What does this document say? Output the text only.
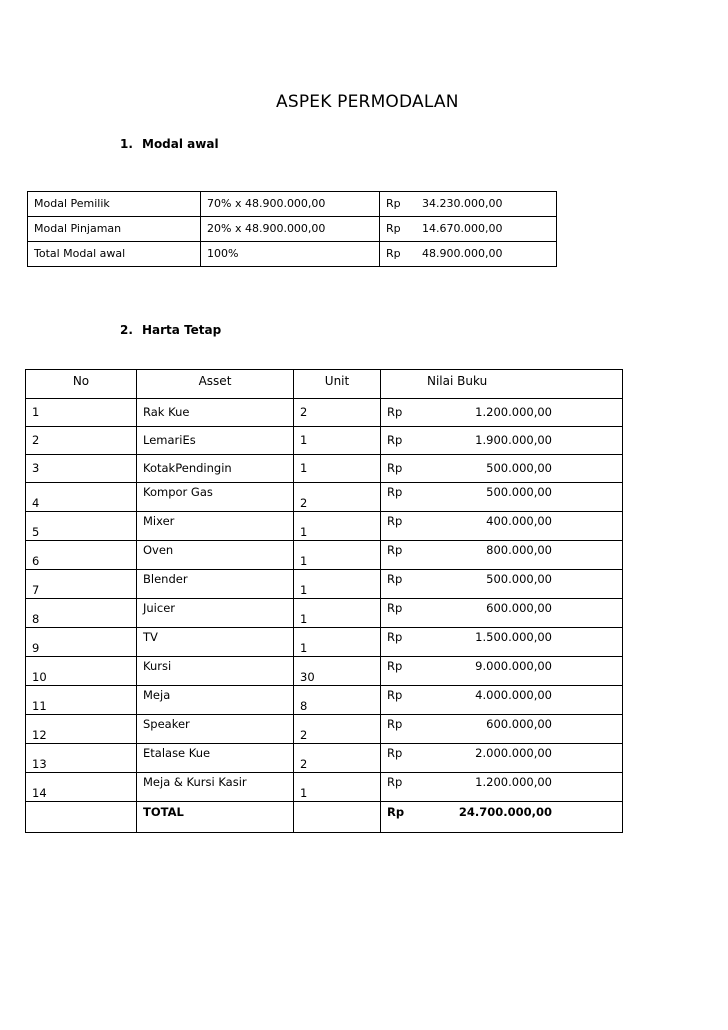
ASPEK PERMODALAN
1. Modal awal
Modal Pemilik	70% x 48.900.000,00	Rp	34.230.000,00
Modal Pinjaman	20% x 48.900.000,00	Rp	14.670.000,00
Total Modal awal	100%	Rp	48.900.000,00
2. Harta Tetap
No	Asset	Unit	Nilai Buku	
1	Rak Kue	2	Rp	1.200.000,00
2	LemariEs	1	Rp	1.900.000,00
3	KotakPendingin	1	Rp	500.000,00
4	Kompor Gas	2	Rp	500.000,00
5	Mixer	1	Rp	400.000,00
6	Oven	1	Rp	800.000,00
7	Blender	1	Rp	500.000,00
8	Juicer	1	Rp	600.000,00
9	TV	1	Rp	1.500.000,00
10	Kursi	30	Rp	9.000.000,00
11	Meja	8	Rp	4.000.000,00
12	Speaker	2	Rp	600.000,00
13	Etalase Kue	2	Rp	2.000.000,00
14	Meja & Kursi Kasir	1	Rp	1.200.000,00
	TOTAL		Rp	24.700.000,00
